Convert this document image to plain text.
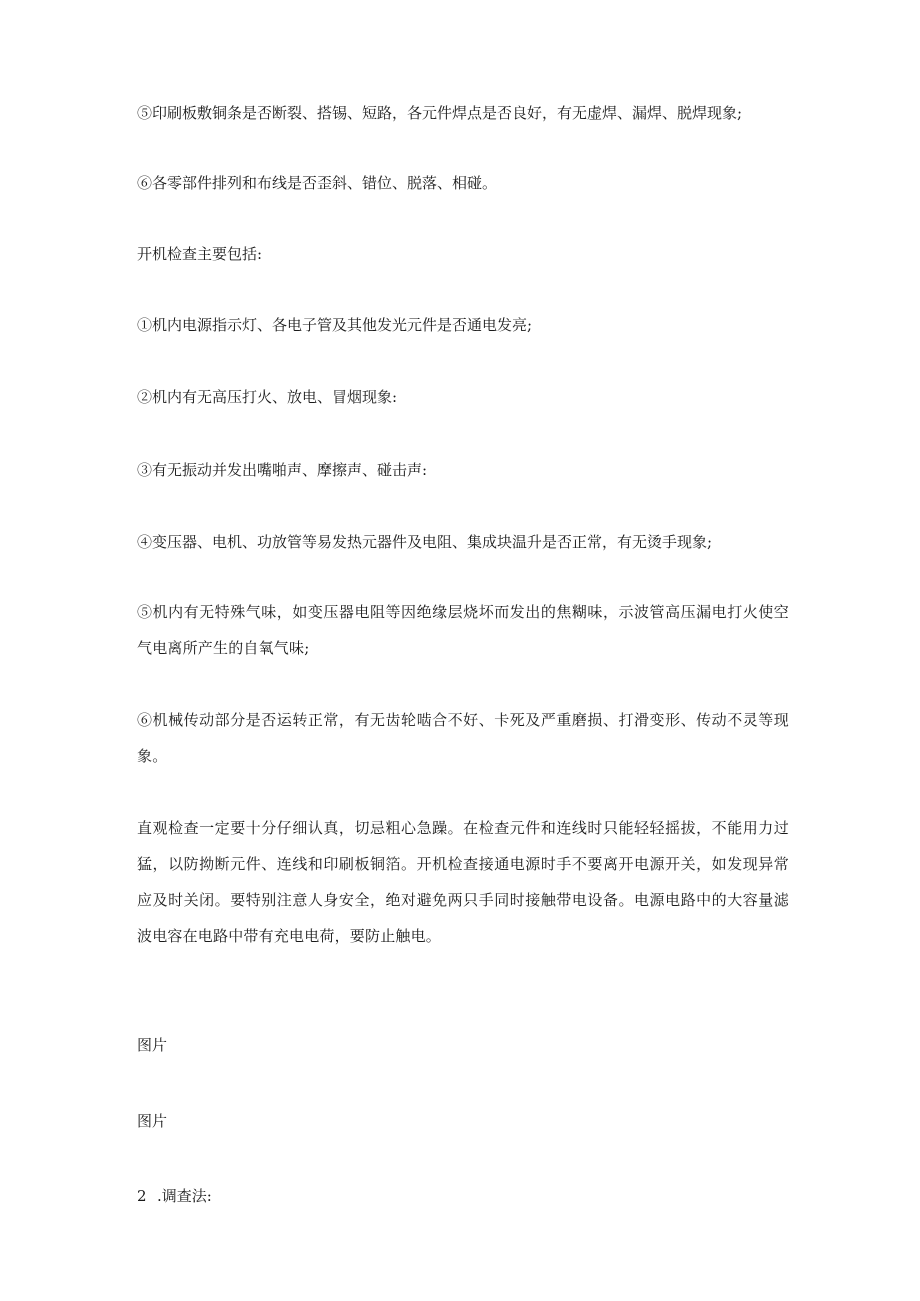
⑤印刷板敷铜条是否断裂、搭锡、短路，各元件焊点是否良好，有无虚焊、漏焊、脱焊现象;
⑥各零部件排列和布线是否歪斜、错位、脱落、相碰。
开机检查主要包括:
①机内电源指示灯、各电子管及其他发光元件是否通电发亮;
②机内有无高压打火、放电、冒烟现象:
③有无振动并发出嘴啪声、摩擦声、碰击声:
④变压器、电机、功放管等易发热元器件及电阻、集成块温升是否正常，有无烫手现象;
⑤机内有无特殊气味，如变压器电阻等因绝缘层烧坏而发出的焦糊味，示波管高压漏电打火使空气电离所产生的自氧气味;
⑥机械传动部分是否运转正常，有无齿轮啮合不好、卡死及严重磨损、打滑变形、传动不灵等现象。
直观检查一定要十分仔细认真，切忌粗心急躁。在检查元件和连线时只能轻轻摇拔，不能用力过猛，以防拗断元件、连线和印刷板铜箔。开机检查接通电源时手不要离开电源开关，如发现异常应及时关闭。要特别注意人身安全，绝对避免两只手同时接触带电设备。电源电路中的大容量滤波电容在电路中带有充电电荷，要防止触电。
图片
图片
2 .调查法:
